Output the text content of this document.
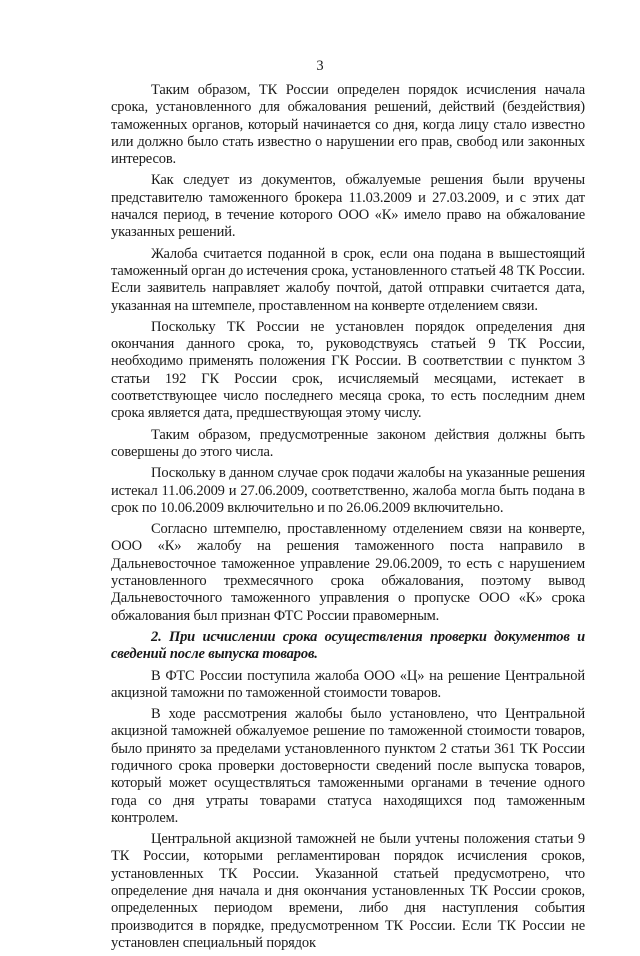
3

Таким образом, ТК России определен порядок исчисления начала срока, установленного для обжалования решений, действий (бездействия) таможенных органов, который начинается со дня, когда лицу стало известно или должно было стать известно о нарушении его прав, свобод или законных интересов.

Как следует из документов, обжалуемые решения были вручены представителю таможенного брокера 11.03.2009 и 27.03.2009, и с этих дат начался период, в течение которого ООО «К» имело право на обжалование указанных решений.

Жалоба считается поданной в срок, если она подана в вышестоящий таможенный орган до истечения срока, установленного статьей 48 ТК России. Если заявитель направляет жалобу почтой, датой отправки считается дата, указанная на штемпеле, проставленном на конверте отделением связи.

Поскольку ТК России не установлен порядок определения дня окончания данного срока, то, руководствуясь статьей 9 ТК России, необходимо применять положения ГК России. В соответствии с пунктом 3 статьи 192 ГК России срок, исчисляемый месяцами, истекает в соответствующее число последнего месяца срока, то есть последним днем срока является дата, предшествующая этому числу.

Таким образом, предусмотренные законом действия должны быть совершены до этого числа.

Поскольку в данном случае срок подачи жалобы на указанные решения истекал 11.06.2009 и 27.06.2009, соответственно, жалоба могла быть подана в срок по 10.06.2009 включительно и по 26.06.2009 включительно.

Согласно штемпелю, проставленному отделением связи на конверте, ООО «К» жалобу на решения таможенного поста направило в Дальневосточное таможенное управление 29.06.2009, то есть с нарушением установленного трехмесячного срока обжалования, поэтому вывод Дальневосточного таможенного управления о пропуске ООО «К» срока обжалования был признан ФТС России правомерным.

2. При исчислении срока осуществления проверки документов и сведений после выпуска товаров.

В ФТС России поступила жалоба ООО «Ц» на решение Центральной акцизной таможни по таможенной стоимости товаров.

В ходе рассмотрения жалобы было установлено, что Центральной акцизной таможней обжалуемое решение по таможенной стоимости товаров, было принято за пределами установленного пунктом 2 статьи 361 ТК России годичного срока проверки достоверности сведений после выпуска товаров, который может осуществляться таможенными органами в течение одного года со дня утраты товарами статуса находящихся под таможенным контролем.

Центральной акцизной таможней не были учтены положения статьи 9 ТК России, которыми регламентирован порядок исчисления сроков, установленных ТК России. Указанной статьей предусмотрено, что определение дня начала и дня окончания установленных ТК России сроков, определенных периодом времени, либо дня наступления события производится в порядке, предусмотренном ТК России. Если ТК России не установлен специальный порядок
